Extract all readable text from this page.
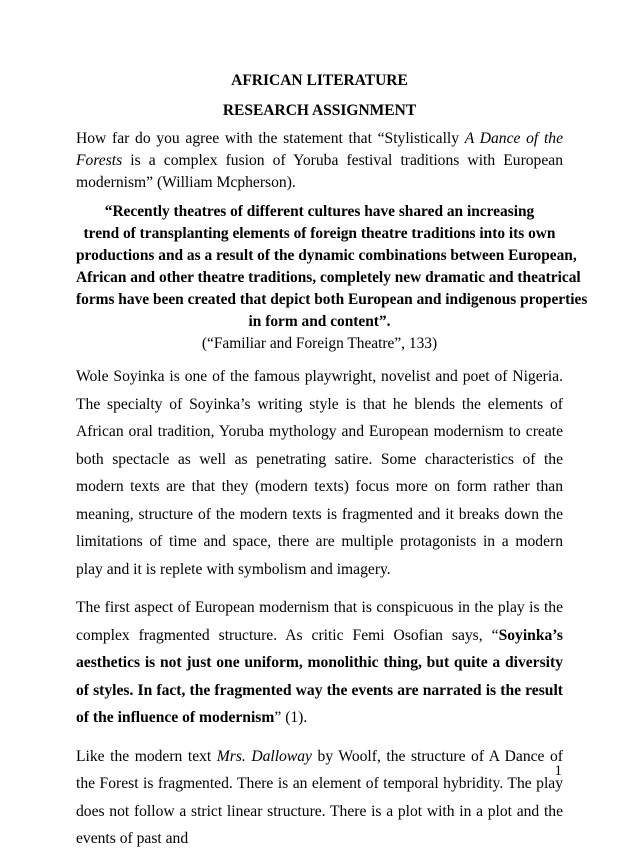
AFRICAN LITERATURE

RESEARCH ASSIGNMENT

How far do you agree with the statement that “Stylistically A Dance of the Forests is a complex fusion of Yoruba festival traditions with European modernism” (William Mcpherson).

“Recently theatres of different cultures have shared an increasing
trend of transplanting elements of foreign theatre traditions into its own
productions and as a result of the dynamic combinations between European,
African and other theatre traditions, completely new dramatic and theatrical
forms have been created that depict both European and indigenous properties
in form and content”.
(“Familiar and Foreign Theatre”, 133)

Wole Soyinka is one of the famous playwright, novelist and poet of Nigeria. The specialty of Soyinka’s writing style is that he blends the elements of African oral tradition, Yoruba mythology and European modernism to create both spectacle as well as penetrating satire. Some characteristics of the modern texts are that they (modern texts) focus more on form rather than meaning, structure of the modern texts is fragmented and it breaks down the limitations of time and space, there are multiple protagonists in a modern play and it is replete with symbolism and imagery.

The first aspect of European modernism that is conspicuous in the play is the complex fragmented structure. As critic Femi Osofian says, “Soyinka’s aesthetics is not just one uniform, monolithic thing, but quite a diversity of styles. In fact, the fragmented way the events are narrated is the result of the influence of modernism” (1).

Like the modern text Mrs. Dalloway by Woolf, the structure of A Dance of the Forest is fragmented. There is an element of temporal hybridity. The play does not follow a strict linear structure. There is a plot with in a plot and the events of past and

1
